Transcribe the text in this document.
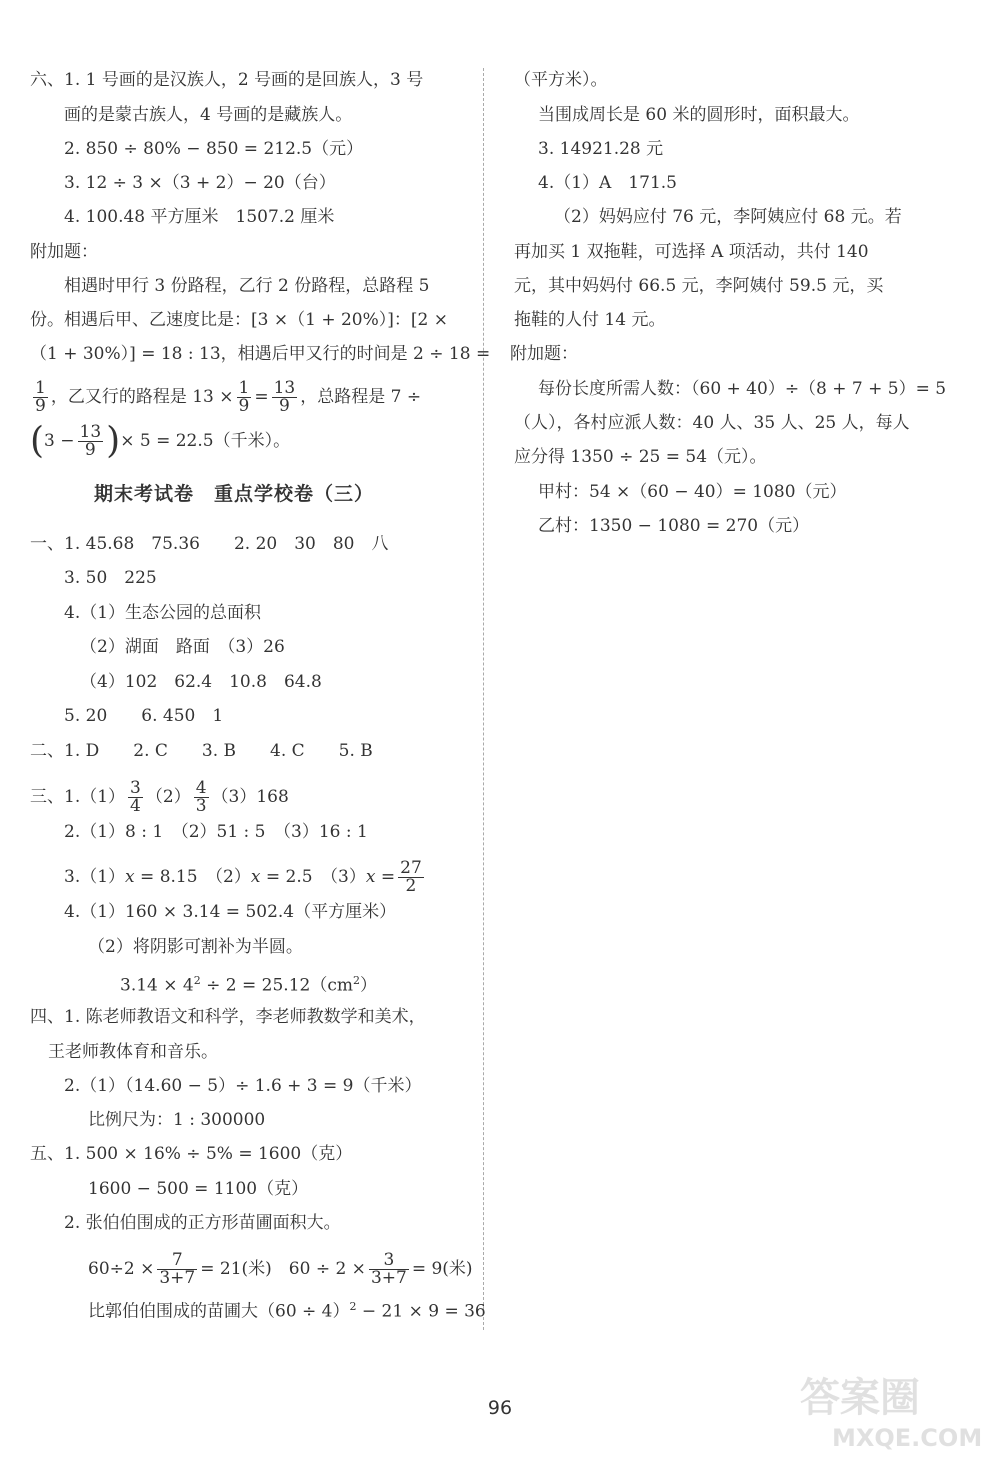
六、1. 1 号画的是汉族人，2 号画的是回族人，3 号
画的是蒙古族人，4 号画的是藏族人。
2. 850 ÷ 80% − 850 = 212.5（元）
3. 12 ÷ 3 ×（3 + 2）− 20（台）
4. 100.48 平方厘米　1507.2 厘米
附加题：
相遇时甲行 3 份路程，乙行 2 份路程，总路程 5
份。相遇后甲、乙速度比是：[3 ×（1 + 20%）]：[2 ×
（1 + 30%）] = 18 : 13，相遇后甲又行的时间是 2 ÷ 18 =
$\frac{1}{9}$ ，乙又行的路程是 $13 \times \frac{1}{9} = \frac{13}{9}$ ，总路程是 7 ÷
($3 - \frac{13}{9}$ )× 5 = 22.5（千米）。
期末考试卷　重点学校卷（三）
一、1. 45.68　75.36　　2. 20　30　80　八
3. 50　225
4.（1）生态公园的总面积
（2）湖面　路面　（3）26
（4）102　62.4　10.8　64.8
5. 20　　6. 450　1
二、1. D　　2. C　　3. B　　4. C　　5. B
三、$1.(1) \frac{3}{4} (2) \frac{4}{3} (3)168$
2.（1）8 : 1　（2）51 : 5　（3）16 : 1
3.（1）x = 8.15　（2）x = 2.5　$(3)x = \frac{27}{2}$
4.（1）160 × 3.14 = 502.4（平方厘米）
（2）将阴影可割补为半圆。
$3.14 \times 4^2 \div 2 = 25.12(cm^2)$
四、1. 陈老师教语文和科学，李老师教数学和美术，
王老师教体育和音乐。
2.（1）（14.60 − 5）÷ 1.6 + 3 = 9（千米）
比例尺为：1 : 300000
五、1. 500 × 16% ÷ 5% = 1600（克）
1600 − 500 = 1100（克）
2. 张伯伯围成的正方形苗圃面积大。
$60\div 2 \times \frac{7}{3+7} = 21$(米)　$60 \div 2 \times \frac{3}{3+7} = 9$(米)
比郭伯伯围成的苗圃大$(60 \div 4)^2 - 21 \times 9 = 36$
（平方米）。
当围成周长是 60 米的圆形时，面积最大。
3. 14921.28 元
4.（1）A　171.5
（2）妈妈应付 76 元，李阿姨应付 68 元。若
再加买 1 双拖鞋，可选择 A 项活动，共付 140
元，其中妈妈付 66.5 元，李阿姨付 59.5 元，买
拖鞋的人付 14 元。
附加题：
每份长度所需人数：（60 + 40）÷（8 + 7 + 5）= 5
（人），各村应派人数：40 人、35 人、25 人，每人
应分得 1350 ÷ 25 = 54（元）。
甲村：54 ×（60 − 40）= 1080（元）
乙村：1350 − 1080 = 270（元）
96	答案圈
MXQE.COM
